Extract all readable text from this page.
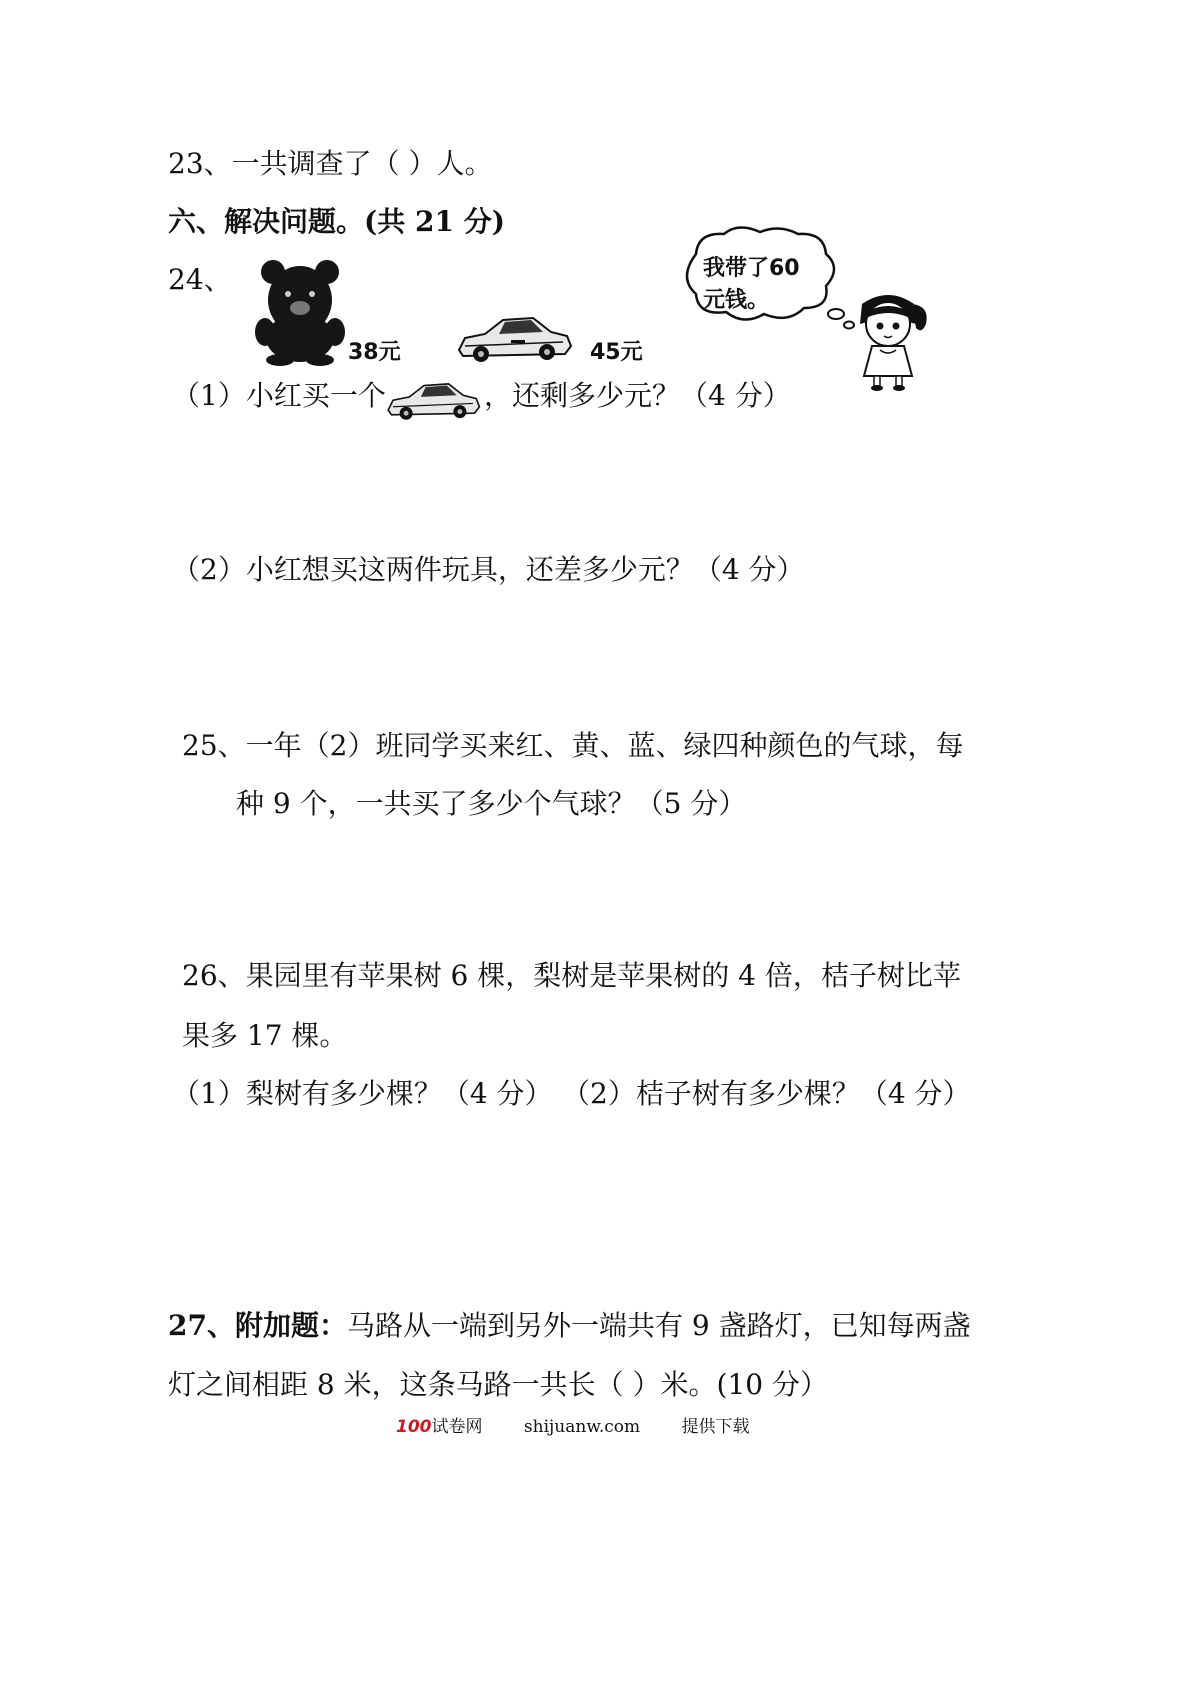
23、一共调查了（ ）人。
六、解决问题。(共 21 分)
24、
38元	45元
我带了60
元钱。
（1）小红买一个	，还剩多少元？（4 分）
（2）小红想买这两件玩具，还差多少元？（4 分）
25、一年（2）班同学买来红、黄、蓝、绿四种颜色的气球，每
种 9 个，一共买了多少个气球？（5 分）
26、果园里有苹果树 6 棵，梨树是苹果树的 4 倍，桔子树比苹
果多 17 棵。
（1）梨树有多少棵？（4 分） （2）桔子树有多少棵？（4 分）
27、附加题：马路从一端到另外一端共有 9 盏路灯，已知每两盏
灯之间相距 8 米，这条马路一共长（ ）米。(10 分）
100试卷网 shijuanw.com 提供下载
